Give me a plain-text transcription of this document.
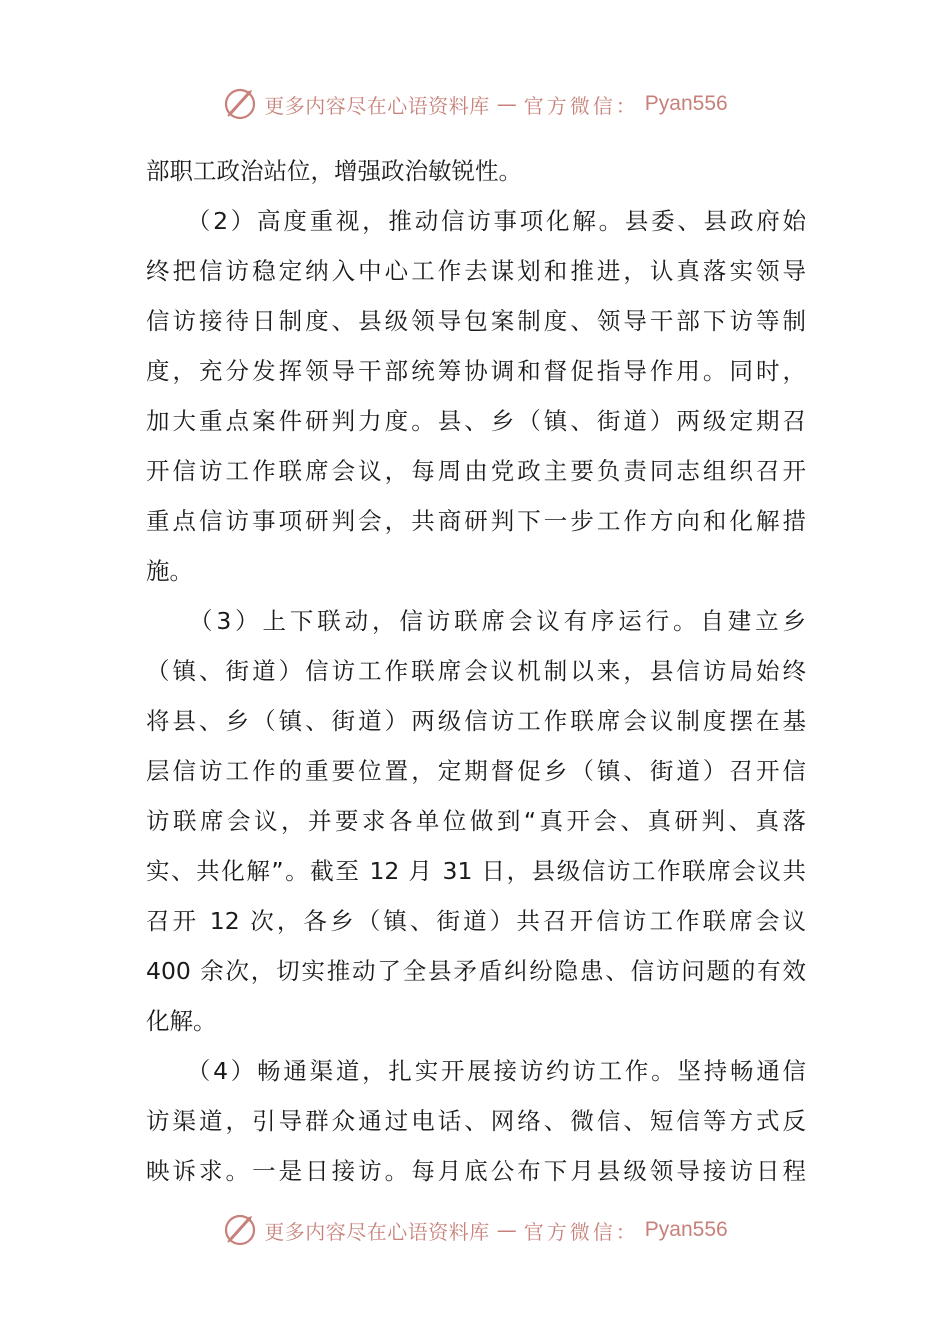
更多内容尽在心语资料库 — 官方微信： Pyan556
部职工政治站位，增强政治敏锐性。
　　（2）高度重视，推动信访事项化解。县委、县政府始
终把信访稳定纳入中心工作去谋划和推进，认真落实领导
信访接待日制度、县级领导包案制度、领导干部下访等制
度，充分发挥领导干部统筹协调和督促指导作用。同时，
加大重点案件研判力度。县、乡（镇、街道）两级定期召
开信访工作联席会议，每周由党政主要负责同志组织召开
重点信访事项研判会，共商研判下一步工作方向和化解措
施。
　　（3）上下联动，信访联席会议有序运行。自建立乡
（镇、街道）信访工作联席会议机制以来，县信访局始终
将县、乡（镇、街道）两级信访工作联席会议制度摆在基
层信访工作的重要位置，定期督促乡（镇、街道）召开信
访联席会议，并要求各单位做到“真开会、真研判、真落
实、共化解”。截至 12 月 31 日，县级信访工作联席会议共
召开 12 次，各乡（镇、街道）共召开信访工作联席会议
400 余次，切实推动了全县矛盾纠纷隐患、信访问题的有效
化解。
　　（4）畅通渠道，扎实开展接访约访工作。坚持畅通信
访渠道，引导群众通过电话、网络、微信、短信等方式反
映诉求。一是日接访。每月底公布下月县级领导接访日程
更多内容尽在心语资料库 — 官方微信： Pyan556
